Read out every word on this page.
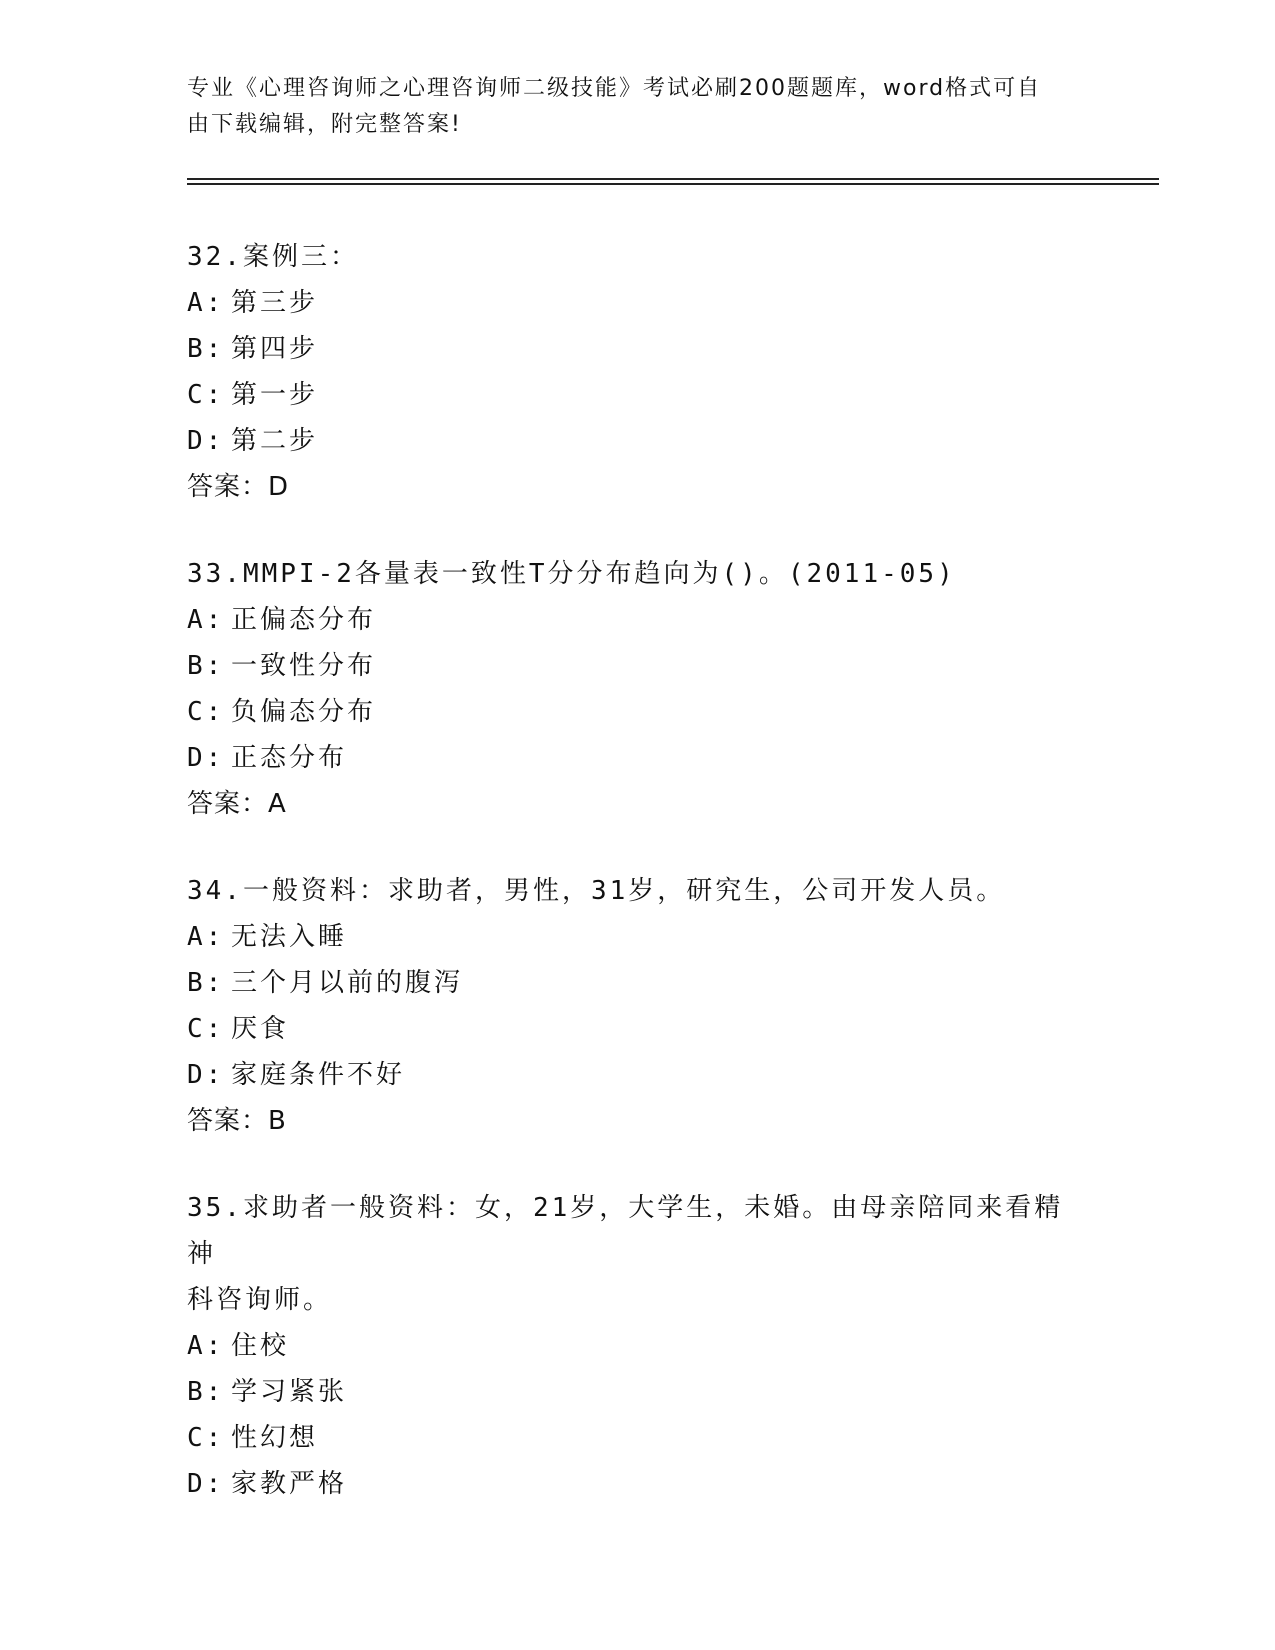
专业《心理咨询师之心理咨询师二级技能》考试必刷200题题库，word格式可自
由下载编辑，附完整答案!
32.案例三：
A: 第三步
B: 第四步
C: 第一步
D: 第二步
答案：D
33.MMPI-2各量表一致性T分分布趋向为()。(2011-05)
A: 正偏态分布
B: 一致性分布
C: 负偏态分布
D: 正态分布
答案：A
34.一般资料：求助者，男性，31岁，研究生，公司开发人员。
A: 无法入睡
B: 三个月以前的腹泻
C: 厌食
D: 家庭条件不好
答案：B
35.求助者一般资料：女，21岁，大学生，未婚。由母亲陪同来看精神
科咨询师。
A: 住校
B: 学习紧张
C: 性幻想
D: 家教严格
